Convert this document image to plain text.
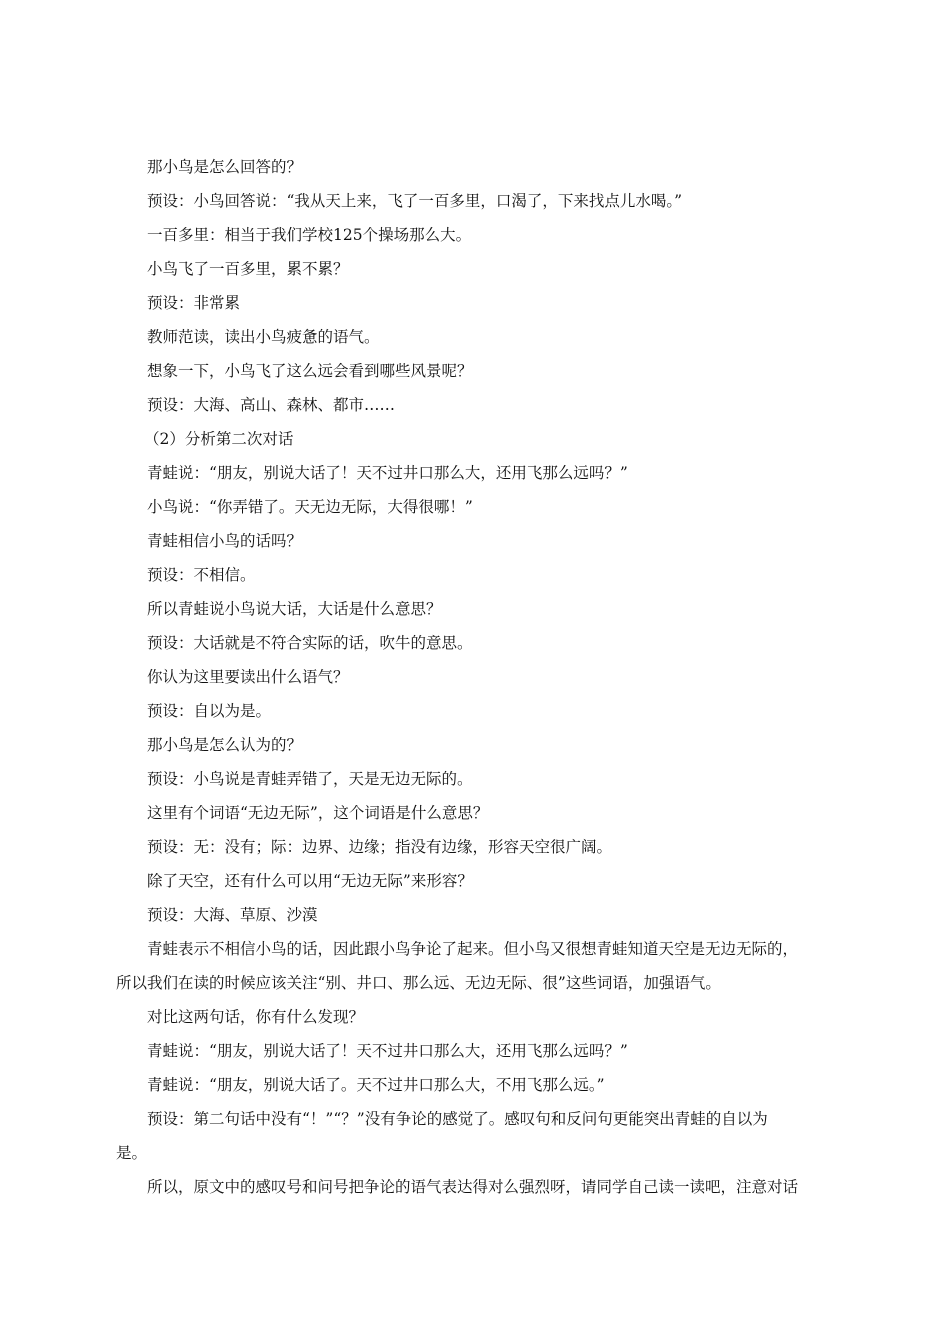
那小鸟是怎么回答的？
预设：小鸟回答说：“我从天上来，飞了一百多里，口渴了，下来找点儿水喝。”
一百多里：相当于我们学校125个操场那么大。
小鸟飞了一百多里，累不累？
预设：非常累
教师范读，读出小鸟疲惫的语气。
想象一下，小鸟飞了这么远会看到哪些风景呢？
预设：大海、高山、森林、都市……
（2）分析第二次对话
青蛙说：“朋友，别说大话了！天不过井口那么大，还用飞那么远吗？”
小鸟说：“你弄错了。天无边无际，大得很哪！”
青蛙相信小鸟的话吗？
预设：不相信。
所以青蛙说小鸟说大话，大话是什么意思？
预设：大话就是不符合实际的话，吹牛的意思。
你认为这里要读出什么语气？
预设：自以为是。
那小鸟是怎么认为的？
预设：小鸟说是青蛙弄错了，天是无边无际的。
这里有个词语“无边无际”，这个词语是什么意思？
预设：无：没有；际：边界、边缘；指没有边缘，形容天空很广阔。
除了天空，还有什么可以用“无边无际”来形容？
预设：大海、草原、沙漠
青蛙表示不相信小鸟的话，因此跟小鸟争论了起来。但小鸟又很想青蛙知道天空是无边无际的，
所以我们在读的时候应该关注“别、井口、那么远、无边无际、很”这些词语，加强语气。
对比这两句话，你有什么发现？
青蛙说：“朋友，别说大话了！天不过井口那么大，还用飞那么远吗？”
青蛙说：“朋友，别说大话了。天不过井口那么大，不用飞那么远。”
预设：第二句话中没有“！”“？”没有争论的感觉了。感叹句和反问句更能突出青蛙的自以为
是。
所以，原文中的感叹号和问号把争论的语气表达得对么强烈呀，请同学自己读一读吧，注意对话
